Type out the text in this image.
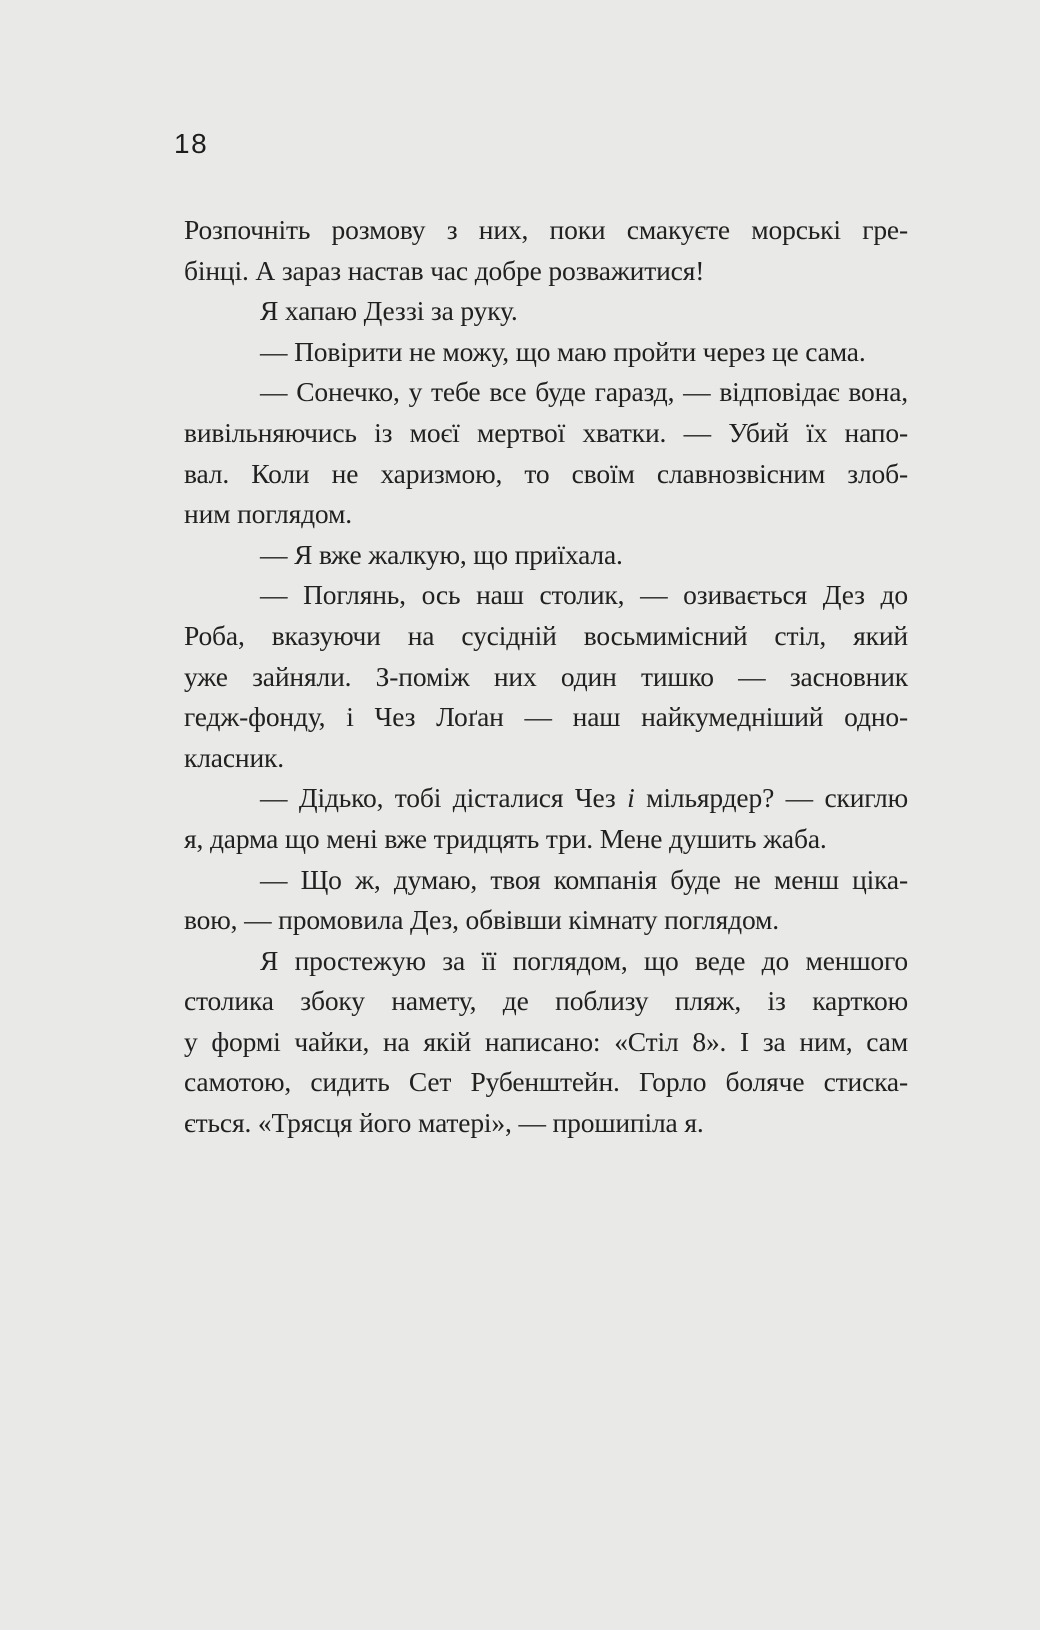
18
Розпочніть розмову з них, поки смакуєте морські гре-
бінці. А зараз настав час добре розважитися!
Я хапаю Деззі за руку.
— Повірити не можу, що маю пройти через це сама.
— Сонечко, у тебе все буде гаразд, — відповідає вона,
вивільняючись із моєї мертвої хватки. — Убий їх напо-
вал. Коли не харизмою, то своїм славнозвісним злоб-
ним поглядом.
— Я вже жалкую, що приїхала.
— Поглянь, ось наш столик, — озивається Дез до
Роба, вказуючи на сусідній восьмимісний стіл, який
уже зайняли. З-поміж них один тишко — засновник
гедж-фонду, і Чез Лоґан — наш найкумедніший одно-
класник.
— Дідько, тобі дісталися Чез і мільярдер? — скиглю
я, дарма що мені вже тридцять три. Мене душить жаба.
— Що ж, думаю, твоя компанія буде не менш ціка-
вою, — промовила Дез, обвівши кімнату поглядом.
Я простежую за її поглядом, що веде до меншого
столика збоку намету, де поблизу пляж, із карткою
у формі чайки, на якій написано: «Стіл 8». І за ним, сам
самотою, сидить Сет Рубенштейн. Горло боляче стиска-
ється. «Трясця його матері», — прошипіла я.
